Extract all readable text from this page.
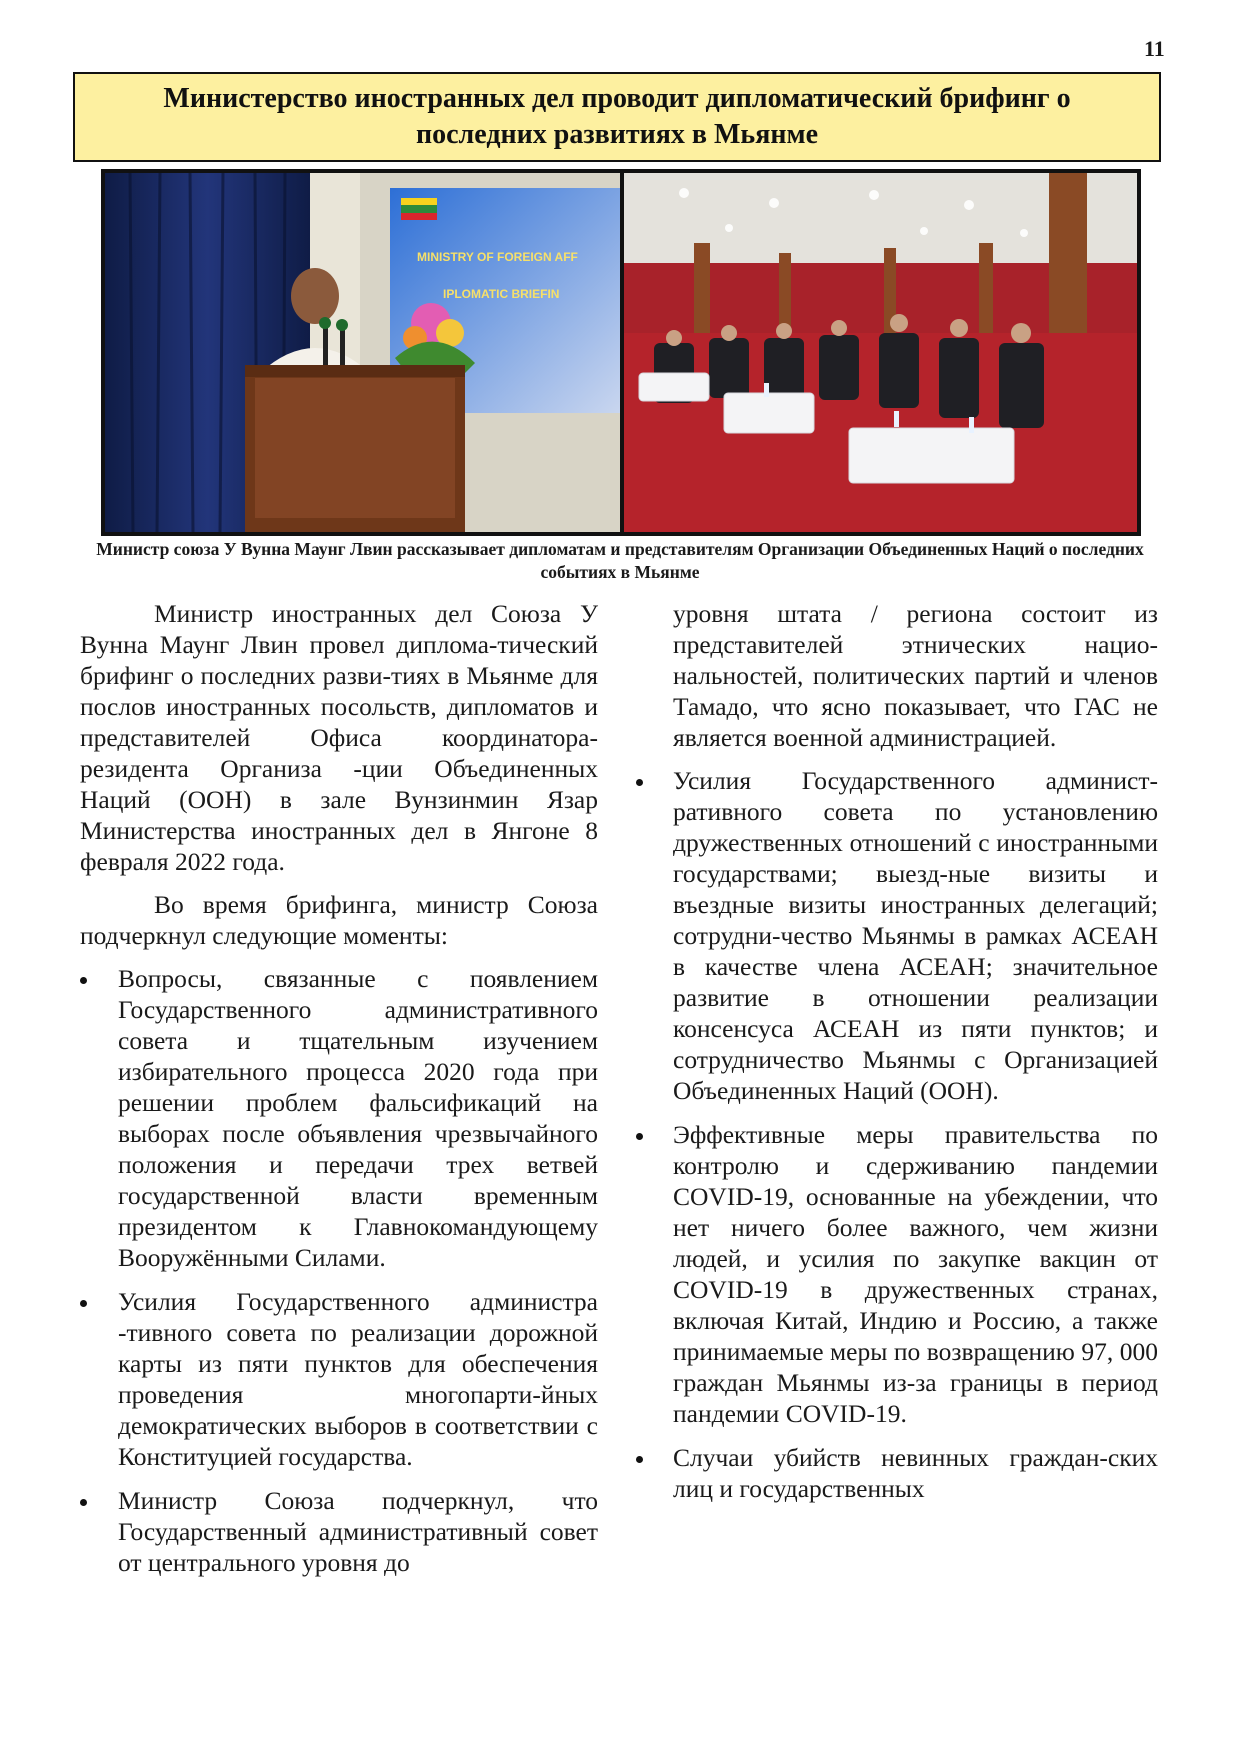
11
Министерство иностранных дел проводит дипломатический брифинг о последних развитиях в Мьянме
MINISTRY OF FOREIGN AFF
IPLOMATIC BRIEFIN
Министр союза У Вунна Маунг Лвин рассказывает дипломатам и представителям Организации Объединенных Наций о последних событиях в Мьянме

Министр иностранных дел Союза У Вунна Маунг Лвин провел диплома-тический брифинг о последних разви-тиях в Мьянме для послов иностранных посольств, дипломатов и представителей Офиса координатора-резидента Организа -ции Объединенных Наций (ООН) в зале Вунзинмин Язар Министерства иностранных дел в Янгоне 8 февраля 2022 года.

Во время брифинга, министр Союза подчеркнул следующие моменты:

Вопросы, связанные с появлением Государственного административного совета и тщательным изучением избирательного процесса 2020 года при решении проблем фальсификаций на выборах после объявления чрезвычайного положения и передачи трех ветвей государственной власти временным президентом к Главнокомандующему Вооружёнными Силами.
Усилия Государственного администра -тивного совета по реализации дорожной карты из пяти пунктов для обеспечения проведения многопарти-йных демократических выборов в соответствии с Конституцией государства.
Министр Союза подчеркнул, что Государственный административный совет от центрального уровня до

уровня штата / региона состоит из представителей этнических нацио-нальностей, политических партий и членов Тамадо, что ясно показывает, что ГАС не является военной администрацией.

Усилия Государственного админист-ративного совета по установлению дружественных отношений с иностранными государствами; выезд-ные визиты и въездные визиты иностранных делегаций; сотрудни-чество Мьянмы в рамках АСЕАН в качестве члена АСЕАН; значительное развитие в отношении реализации консенсуса АСЕАН из пяти пунктов; и сотрудничество Мьянмы с Организацией Объединенных Наций (ООН).
Эффективные меры правительства по контролю и сдерживанию пандемии COVID-19, основанные на убеждении, что нет ничего более важного, чем жизни людей, и усилия по закупке вакцин от COVID-19 в дружественных странах, включая Китай, Индию и Россию, а также принимаемые меры по возвращению 97, 000 граждан Мьянмы из-за границы в период пандемии COVID-19.
Случаи убийств невинных граждан-ских лиц и государственных
